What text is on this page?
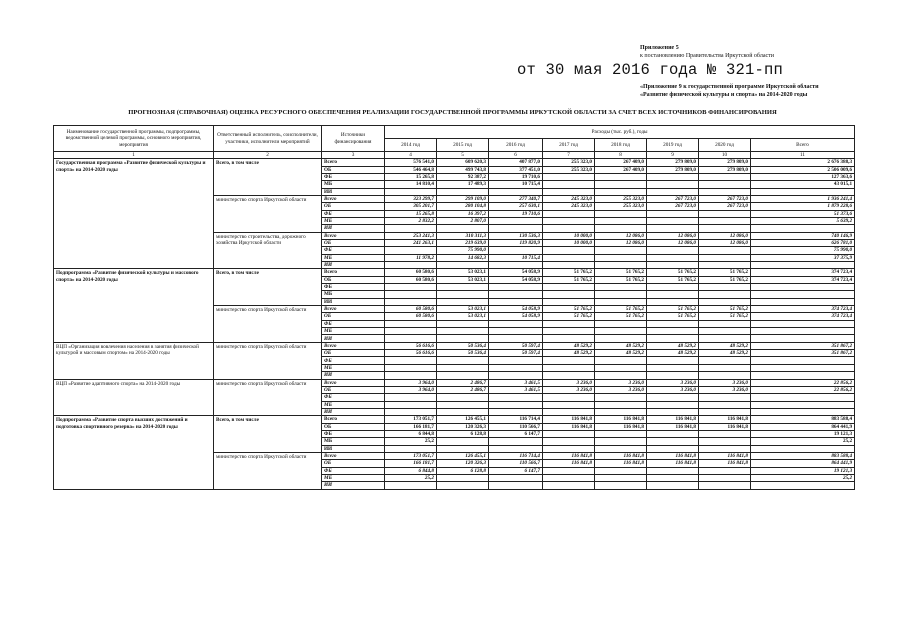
Приложение 5
к постановлению Правительства Иркутской области
от 30 мая 2016 года № 321-пп
«Приложение 9 к государственной программе Иркутской области
«Развитие физической культуры и спорта» на 2014-2020 годы
ПРОГНОЗНАЯ (СПРАВОЧНАЯ) ОЦЕНКА РЕСУРСНОГО ОБЕСПЕЧЕНИЯ РЕАЛИЗАЦИИ ГОСУДАРСТВЕННОЙ ПРОГРАММЫ ИРКУТСКОЙ ОБЛАСТИ ЗА СЧЕТ ВСЕХ ИСТОЧНИКОВ ФИНАНСИРОВАНИЯ
Наименование государственной программы, подпрограммы, ведомственной целевой программы, основного мероприятия, мероприятия	Ответственный исполнитель, соисполнители, участники, исполнители мероприятий	Источники финансирования	Расходы (тыс. руб.), годы							
			2014 год	2015 год	2016 год	2017 год	2018 год	2019 год	2020 год	Всего
1	2	3	4	5	6	7	8	9	10	11
Государственная программа «Развитие физической культуры и спорта» на 2014-2020 годы	Всего, в том числе	Всего	576 541,0	609 620,3	407 877,0	255 323,0	267 409,0	279 809,0	279 809,0	2 676 388,3
		ОБ	546 464,8	499 743,8	377 451,0	255 323,0	267 409,0	279 809,0	279 809,0	2 506 009,6
		ФБ	15 265,8	92 387,2	19 710,6					127 363,6
		МБ	14 810,4	17 489,3	10 715,4					43 015,1
		ИИ								
	министерство спорта Иркутской области	Всего	323 299,7	299 109,0	277 340,7	245 323,0	255 323,0	267 723,0	267 723,0	1 936 241,4
		ОБ	305 201,7	280 104,8	257 630,1	245 323,0	255 323,0	267 723,0	267 723,0	1 879 228,6
		ФБ	15 265,8	16 397,2	19 710,6					51 373,6
		МБ	2 832,2	2 807,0						5 639,2
		ИИ								
	министерство строительства, дорожного хозяйства Иркутской области	Всего	253 241,3	310 311,3	130 536,3	10 000,0	12 086,0	12 086,0	12 086,0	740 146,9
		ОБ	241 263,1	219 639,0	119 820,9	10 000,0	12 086,0	12 086,0	12 086,0	626 781,0
		ФБ		75 990,0						75 990,0
		МБ	11 978,2	14 682,3	10 715,4					37 375,9
		ИИ								
Подпрограмма «Развитие физической культуры и массового спорта» на 2014-2020 годы	Всего, в том числе	Всего	60 580,6	53 023,1	54 058,9	51 765,2	51 765,2	51 765,2	51 765,2	374 723,4
		ОБ	60 580,6	53 023,1	54 058,9	51 765,2	51 765,2	51 765,2	51 765,2	374 723,4
		ФБ								
		МБ								
		ИИ								
	министерство спорта Иркутской области	Всего	60 580,6	53 023,1	54 058,9	51 765,2	51 765,2	51 765,2	51 765,2	374 723,4
		ОБ	60 580,6	53 023,1	54 058,9	51 765,2	51 765,2	51 765,2	51 765,2	374 723,4
		ФБ								
		МБ								
		ИИ								
ВЦП «Организация вовлечения населения в занятия физической культурой и массовым спортом» на 2014-2020 годы	министерство спорта Иркутской области	Всего	56 616,6	50 536,4	50 597,4	48 529,2	48 529,2	48 529,2	48 529,2	351 867,2
		ОБ	56 616,6	50 536,4	50 597,4	48 529,2	48 529,2	48 529,2	48 529,2	351 867,2
		ФБ								
		МБ								
		ИИ								
ВЦП «Развитие адаптивного спорта» на 2014-2020 годы	министерство спорта Иркутской области	Всего	3 964,0	2 486,7	3 461,5	3 236,0	3 236,0	3 236,0	3 236,0	22 856,2
		ОБ	3 964,0	2 486,7	3 461,5	3 236,0	3 236,0	3 236,0	3 236,0	22 856,2
		ФБ								
		МБ								
		ИИ								
Подпрограмма «Развитие спорта высших достижений и подготовка спортивного резерва» на 2014-2020 годы	Всего, в том числе	Всего	173 051,7	126 455,1	116 714,4	116 841,8	116 841,8	116 841,8	116 841,8	883 588,4
		ОБ	166 181,7	120 326,3	110 566,7	116 841,8	116 841,8	116 841,8	116 841,8	864 441,9
		ФБ	6 844,8	6 128,8	6 147,7					19 121,3
		МБ	25,2							25,2
		ИИ								
	министерство спорта Иркутской области	Всего	173 051,7	126 455,1	116 714,4	116 841,8	116 841,8	116 841,8	116 841,8	883 588,4
		ОБ	166 181,7	120 326,3	110 566,7	116 841,8	116 841,8	116 841,8	116 841,8	864 441,9
		ФБ	6 844,8	6 128,8	6 147,7					19 121,3
		МБ	25,2							25,2
		ИИ								
